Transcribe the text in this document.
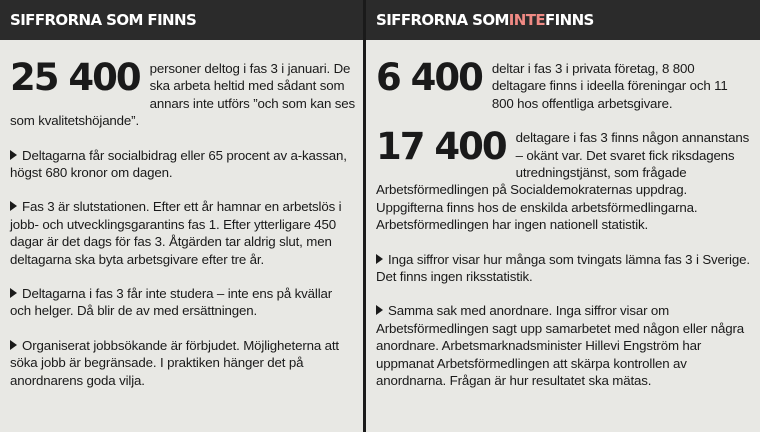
SIFFRORNA SOM FINNS
25 400 personer deltog i fas 3 i januari. De ska arbeta heltid med sådant som annars inte utförs ”och som kan ses som kvalitetshöjande”.

Deltagarna får socialbidrag eller 65 procent av a-kassan, högst 680 kronor om dagen.

Fas 3 är slutstationen. Efter ett år hamnar en arbetslös i jobb- och utvecklingsgarantins fas 1. Efter ytterligare 450 dagar är det dags för fas 3. Åtgärden tar aldrig slut, men deltagarna ska byta arbetsgivare efter tre år.

Deltagarna i fas 3 får inte studera – inte ens på kvällar och helger. Då blir de av med ersättningen.

Organiserat jobbsökande är förbjudet. Möjligheterna att söka jobb är begränsade. I praktiken hänger det på anordnarens goda vilja.

SIFFRORNA SOM INTE FINNS
6 400 deltar i fas 3 i privata företag, 8 800 deltagare finns i ideella föreningar och 11 800 hos offentliga arbetsgivare.
17 400 deltagare i fas 3 finns någon annanstans – okänt var. Det svaret fick riksdagens utredningstjänst, som frågade Arbetsförmedlingen på Socialdemokraternas uppdrag. Uppgifterna finns hos de enskilda arbetsförmedlingarna. Arbetsförmedlingen har ingen nationell statistik.

Inga siffror visar hur många som tvingats lämna fas 3 i Sverige. Det finns ingen riksstatistik.

Samma sak med anordnare. Inga siffror visar om Arbetsförmedlingen sagt upp samarbetet med någon eller några anordnare. Arbetsmarknadsminister Hillevi Engström har uppmanat Arbetsförmedlingen att skärpa kontrollen av anordnarna. Frågan är hur resultatet ska mätas.
